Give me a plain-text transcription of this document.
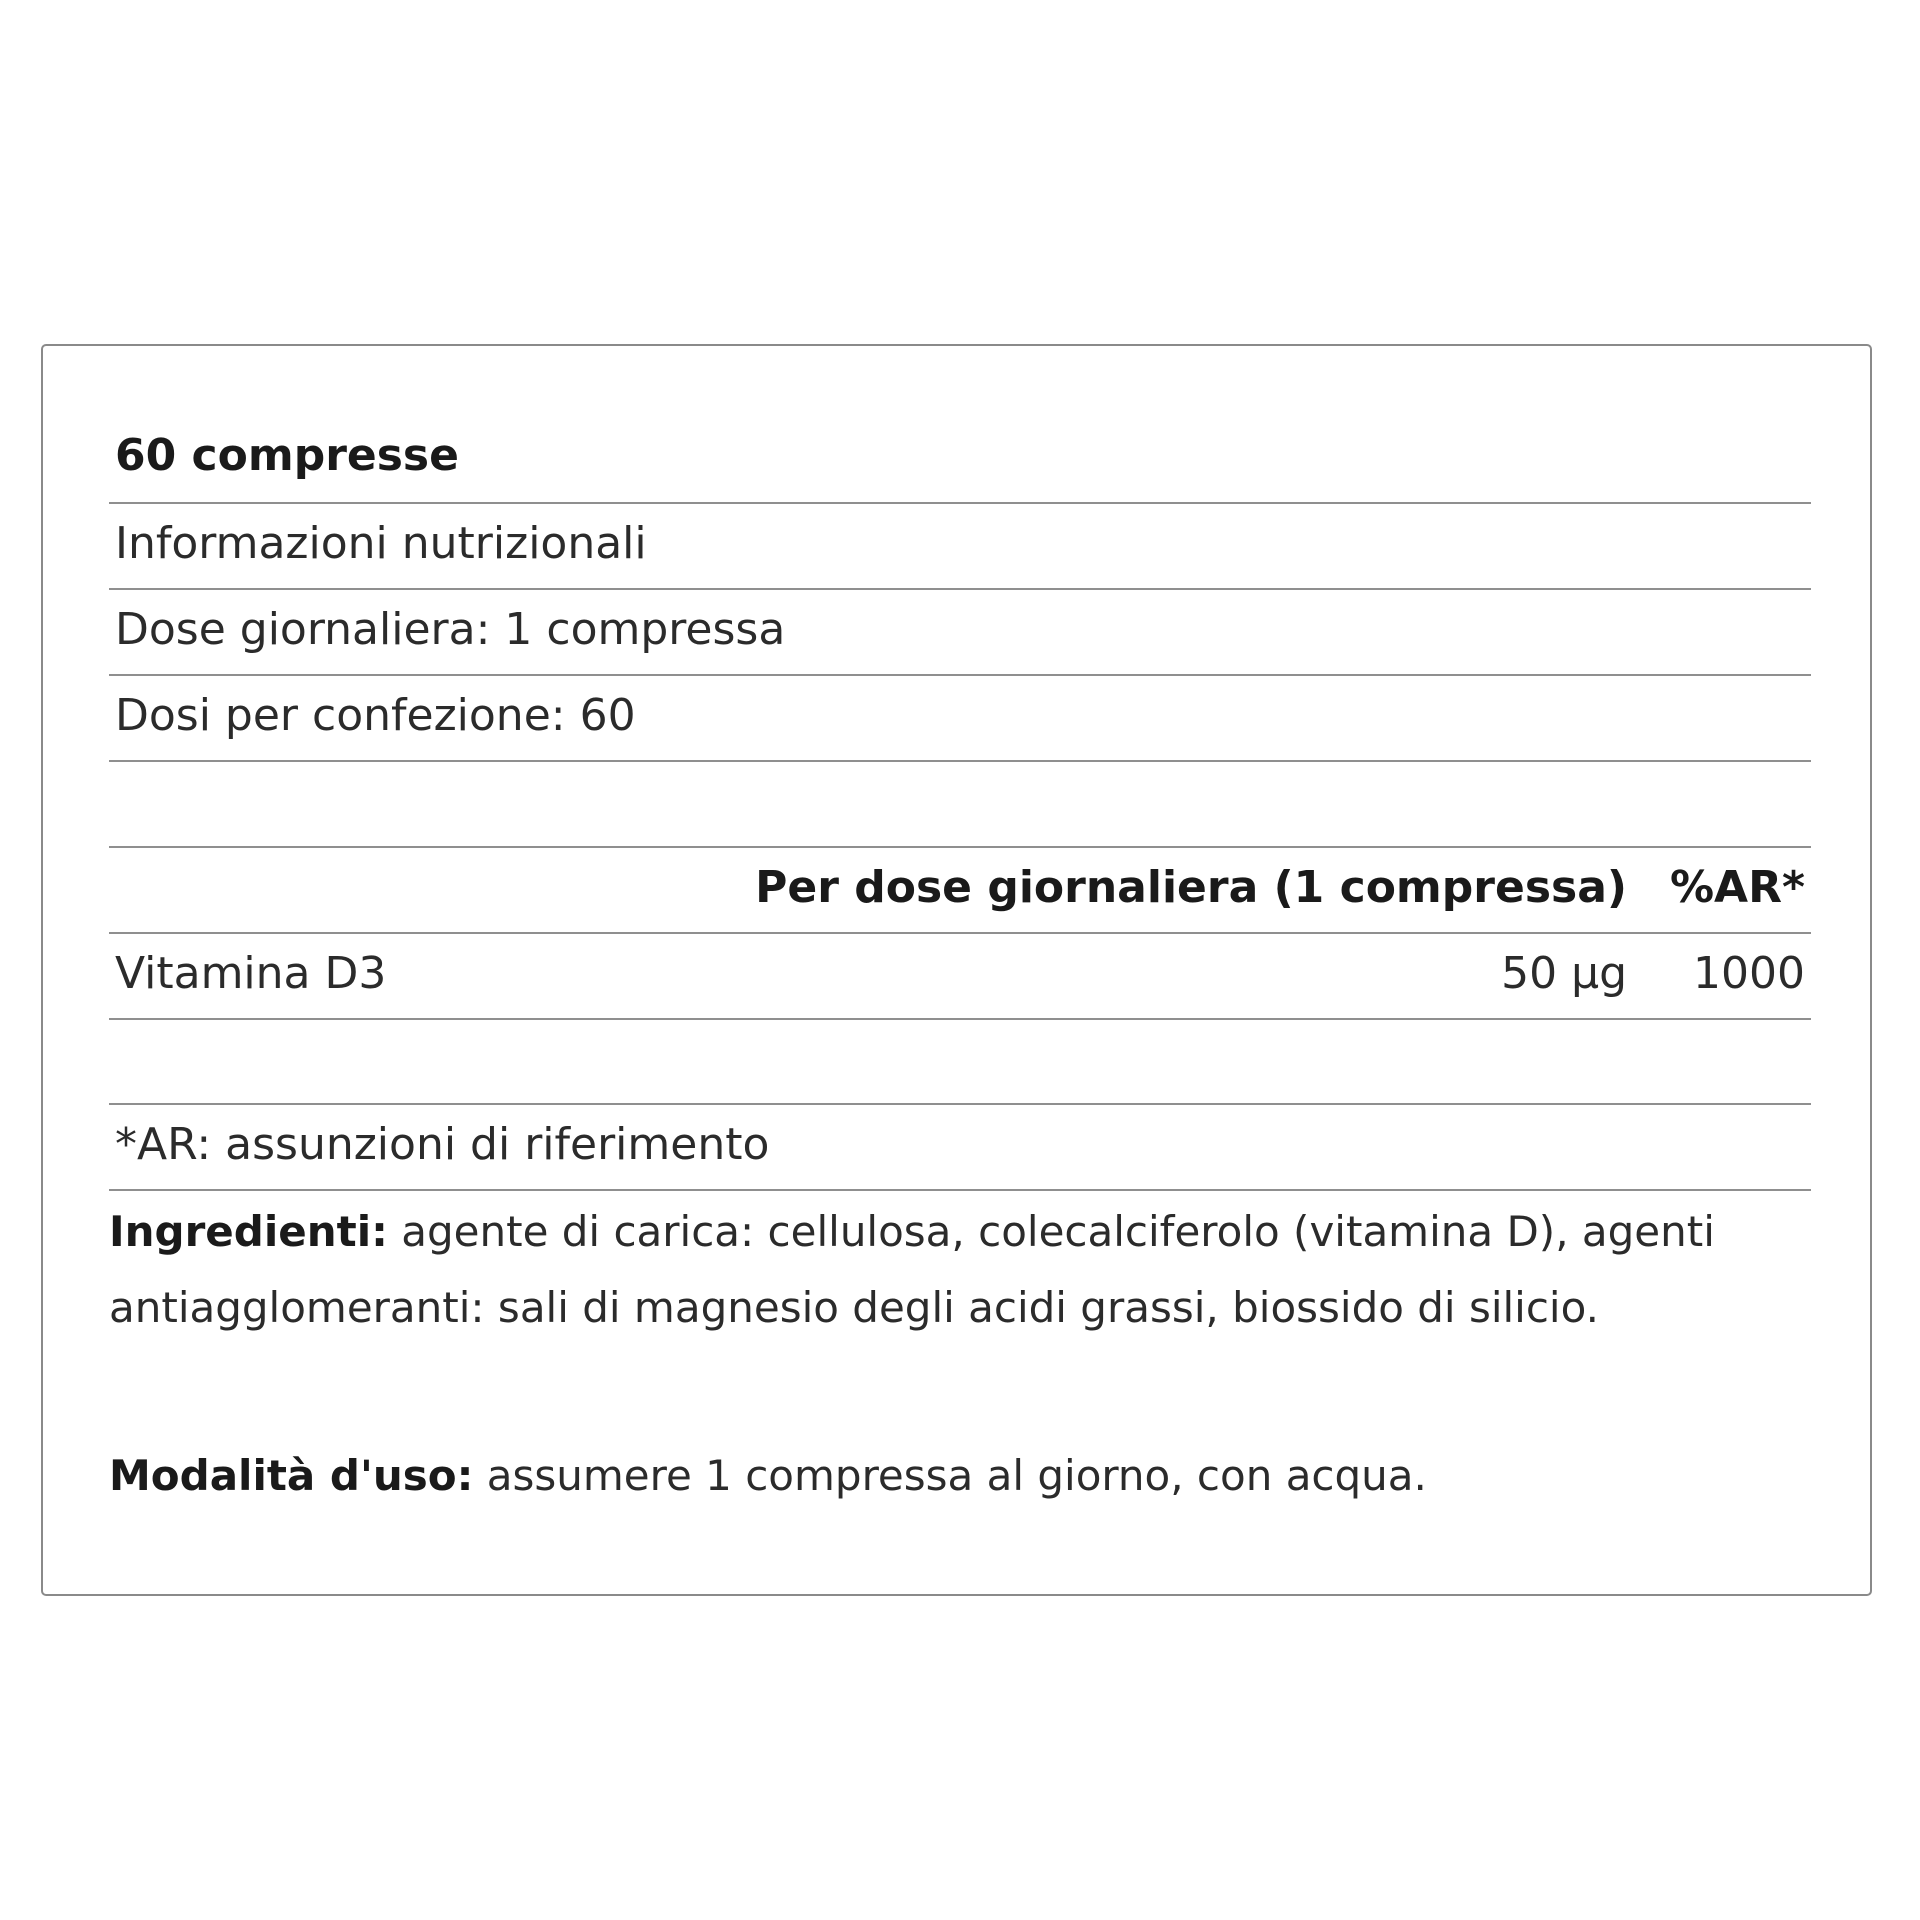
60 compresse
Informazioni nutrizionali
Dose giornaliera: 1 compressa
Dosi per confezione: 60
Per dose giornaliera (1 compressa) %AR*
Vitamina D3	50 µg 1000
*AR: assunzioni di riferimento
Ingredienti: agente di carica: cellulosa, colecalciferolo (vitamina D), agenti antiagglomeranti: sali di magnesio degli acidi grassi, biossido di silicio.
Modalità d'uso: assumere 1 compressa al giorno, con acqua.
